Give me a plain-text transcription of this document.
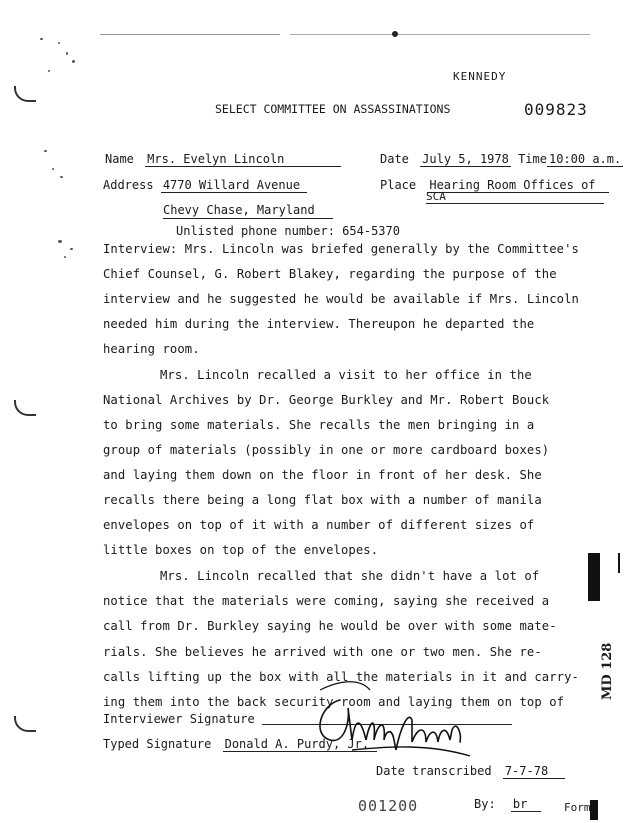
KENNEDY
SELECT COMMITTEE ON ASSASSINATIONS	009823
Name Mrs. Evelyn Lincoln	Date July 5, 1978 Time 10:00 a.m.
Address 4770 Willard Avenue	Place Hearing Room Offices of
SCA
Chevy Chase, Maryland
Unlisted phone number: 654-5370
Interview: Mrs. Lincoln was briefed generally by the Committee's
Chief Counsel, G. Robert Blakey, regarding the purpose of the
interview and he suggested he would be available if Mrs. Lincoln
needed him during the interview. Thereupon he departed the
hearing room.
Mrs. Lincoln recalled a visit to her office in the
National Archives by Dr. George Burkley and Mr. Robert Bouck
to bring some materials. She recalls the men bringing in a
group of materials (possibly in one or more cardboard boxes)
and laying them down on the floor in front of her desk. She
recalls there being a long flat box with a number of manila
envelopes on top of it with a number of different sizes of
little boxes on top of the envelopes.
Mrs. Lincoln recalled that she didn't have a lot of
notice that the materials were coming, saying she received a
call from Dr. Burkley saying he would be over with some mate-
rials. She believes he arrived with one or two men. She re-
calls lifting up the box with all the materials in it and carry-
ing them into the back security room and laying them on top of
Interviewer Signature
Typed Signature Donald A. Purdy, Jr.
Date transcribed 7-7-78
001200	By: br	Form
MD 128
